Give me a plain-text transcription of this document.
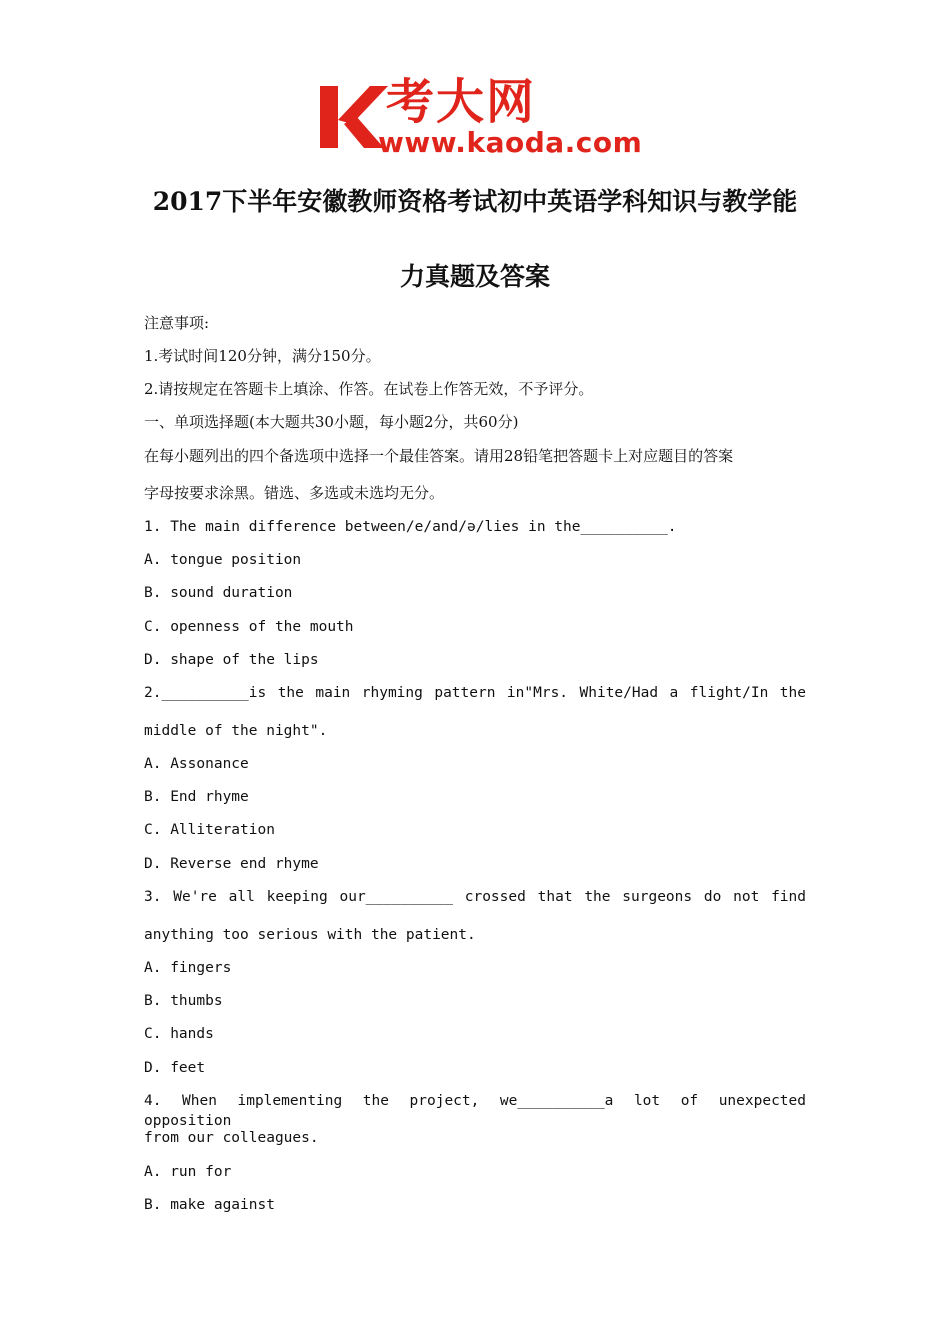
考大网
www.kaoda.com
2017下半年安徽教师资格考试初中英语学科知识与教学能
力真题及答案
注意事项:
1.考试时间120分钟，满分150分。
2.请按规定在答题卡上填涂、作答。在试卷上作答无效，不予评分。
一、单项选择题(本大题共30小题，每小题2分，共60分)
在每小题列出的四个备选项中选择一个最佳答案。请用28铅笔把答题卡上对应题目的答案
字母按要求涂黑。错选、多选或未选均无分。
1. The main difference between/e/and/ə/lies in the__________.
A. tongue position
B. sound duration
C. openness of the mouth
D. shape of the lips
2.__________is the main rhyming pattern in"Mrs. White/Had a flight/In the
middle of the night".
A. Assonance
B. End rhyme
C. Alliteration
D. Reverse end rhyme
3. We're all keeping our__________ crossed that the surgeons do not find
anything too serious with the patient.
A. fingers
B. thumbs
C. hands
D. feet
4. When implementing the project, we__________a lot of unexpected opposition
from our colleagues.
A. run for
B. make against
